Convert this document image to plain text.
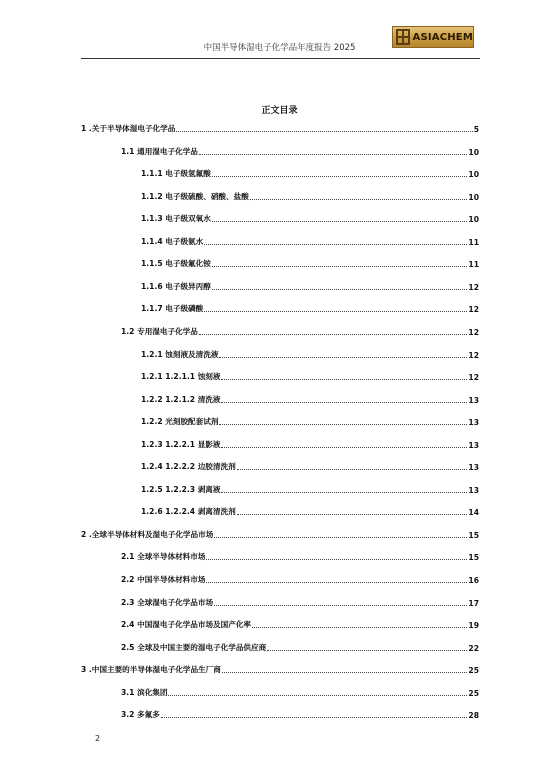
中国半导体湿电子化学品年度报告 2025
ASIACHEM
正文目录
1 .关于半导体湿电子化学品	5
1.1 通用湿电子化学品	10
1.1.1 电子级氢氟酸	10
1.1.2 电子级硫酸、硝酸、盐酸	10
1.1.3 电子级双氧水	10
1.1.4 电子级氨水	11
1.1.5 电子级氟化铵	11
1.1.6 电子级异丙醇	12
1.1.7 电子级磷酸	12
1.2 专用湿电子化学品	12
1.2.1 蚀刻液及清洗液	12
1.2.1 1.2.1.1 蚀刻液	12
1.2.2 1.2.1.2 清洗液	13
1.2.2 光刻胶配套试剂	13
1.2.3 1.2.2.1 显影液	13
1.2.4 1.2.2.2 边胶清洗剂	13
1.2.5 1.2.2.3 剥离液	13
1.2.6 1.2.2.4 剥离清洗剂	14
2 .全球半导体材料及湿电子化学品市场	15
2.1 全球半导体材料市场	15
2.2 中国半导体材料市场	16
2.3 全球湿电子化学品市场	17
2.4 中国湿电子化学品市场及国产化率	19
2.5 全球及中国主要的湿电子化学品供应商	22
3 .中国主要的半导体湿电子化学品生厂商	25
3.1 滨化集团	25
3.2 多氟多	28
2
